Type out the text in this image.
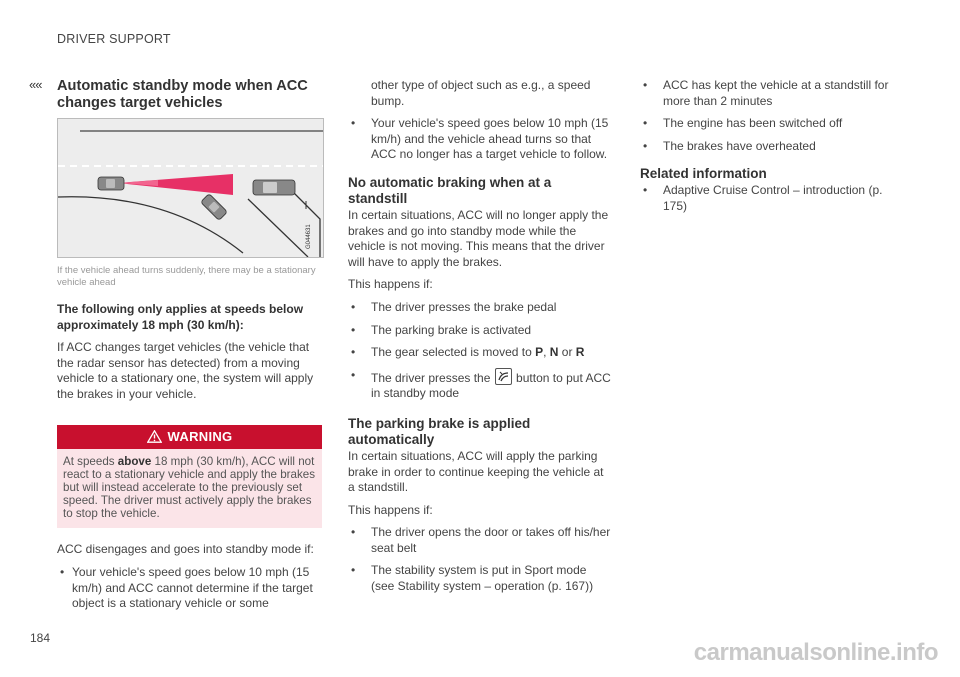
DRIVER SUPPORT
««
184
Automatic standby mode when ACC changes target vehicles
G044631
If the vehicle ahead turns suddenly, there may be a stationary vehicle ahead

The following only applies at speeds below approximately 18 mph (30 km/h):

If ACC changes target vehicles (the vehicle that the radar sensor has detected) from a moving vehicle to a stationary one, the system will apply the brakes in your vehicle.

WARNING
At speeds above 18 mph (30 km/h), ACC will not react to a stationary vehicle and apply the brakes but will instead accelerate to the previously set speed. The driver must actively apply the brakes to stop the vehicle.

ACC disengages and goes into standby mode if:

• Your vehicle's speed goes below 10 mph (15 km/h) and ACC cannot determine if the target object is a stationary vehicle or some
other type of object such as e.g., a speed bump.
• Your vehicle's speed goes below 10 mph (15 km/h) and the vehicle ahead turns so that ACC no longer has a target vehicle to follow.
No automatic braking when at a standstill

In certain situations, ACC will no longer apply the brakes and go into standby mode while the vehicle is not moving. This means that the driver will have to apply the brakes.

This happens if:

• The driver presses the brake pedal
• The parking brake is activated
• The gear selected is moved to P, N or R
• The driver presses the
button to put ACC in standby mode
The parking brake is applied automatically

In certain situations, ACC will apply the parking brake in order to continue keeping the vehicle at a standstill.

This happens if:

• The driver opens the door or takes off his/her seat belt
• The stability system is put in Sport mode (see Stability system – operation (p. 167))
• ACC has kept the vehicle at a standstill for more than 2 minutes
• The engine has been switched off
• The brakes have overheated
Related information
• Adaptive Cruise Control – introduction (p. 175)
carmanualsonline.info
